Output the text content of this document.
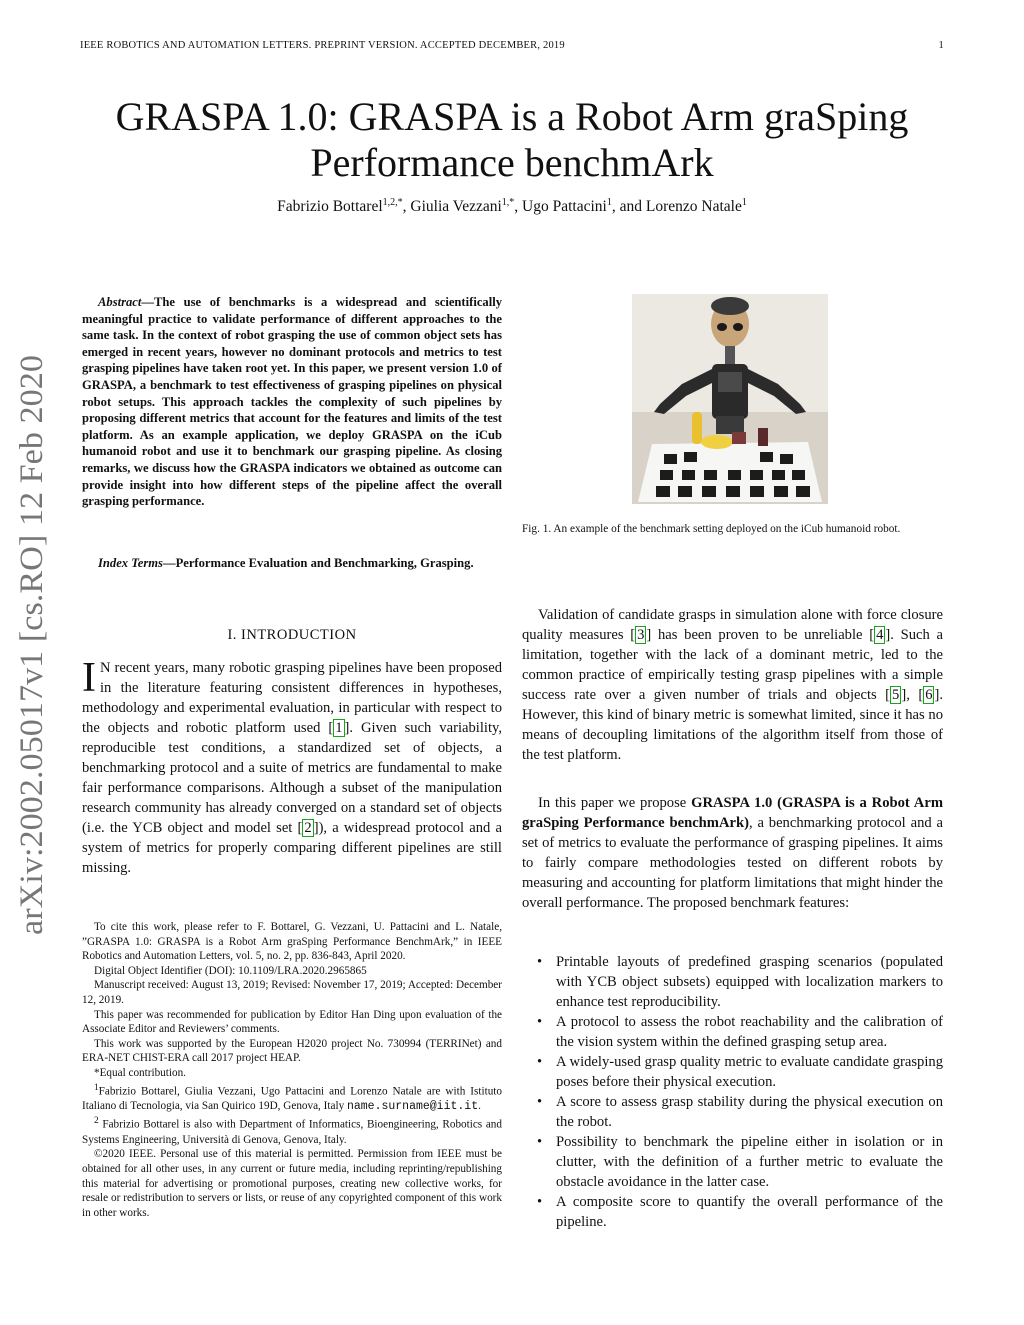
IEEE ROBOTICS AND AUTOMATION LETTERS. PREPRINT VERSION. ACCEPTED DECEMBER, 2019	1
GRASPA 1.0: GRASPA is a Robot Arm graSping
Performance benchmArk
Fabrizio Bottarel$^{1,2,*}$, Giulia Vezzani$^{1,*}$, Ugo Pattacini$^1$, and Lorenzo Natale$^1$
arXiv:2002.05017v1 [cs.RO] 12 Feb 2020
Abstract—The use of benchmarks is a widespread and scientifically meaningful practice to validate performance of different approaches to the same task. In the context of robot grasping the use of common object sets has emerged in recent years, however no dominant protocols and metrics to test grasping pipelines have taken root yet. In this paper, we present version 1.0 of GRASPA, a benchmark to test effectiveness of grasping pipelines on physical robot setups. This approach tackles the complexity of such pipelines by proposing different metrics that account for the features and limits of the test platform. As an example application, we deploy GRASPA on the iCub humanoid robot and use it to benchmark our grasping pipeline. As closing remarks, we discuss how the GRASPA indicators we obtained as outcome can provide insight into how different steps of the pipeline affect the overall grasping performance.
Index Terms—Performance Evaluation and Benchmarking, Grasping.
I. INTRODUCTION
I N recent years, many robotic grasping pipelines have been proposed in the literature featuring consistent differences in hypotheses, methodology and experimental evaluation, in particular with respect to the objects and robotic platform used [ 1 ]. Given such variability, reproducible test conditions, a standardized set of objects, a benchmarking protocol and a suite of metrics are fundamental to make fair performance comparisons. Although a subset of the manipulation research community has already converged on a standard set of objects (i.e. the YCB object and model set [ 2 ]), a widespread protocol and a system of metrics for properly comparing different pipelines are still missing.

To cite this work, please refer to F. Bottarel, G. Vezzani, U. Pattacini and L. Natale, ”GRASPA 1.0: GRASPA is a Robot Arm graSping Performance BenchmArk,” in IEEE Robotics and Automation Letters, vol. 5, no. 2, pp. 836-843, April 2020.

Digital Object Identifier (DOI): 10.1109/LRA.2020.2965865

Manuscript received: August 13, 2019; Revised: November 17, 2019; Accepted: December 12, 2019.

This paper was recommended for publication by Editor Han Ding upon evaluation of the Associate Editor and Reviewers’ comments.

This work was supported by the European H2020 project No. 730994 (TERRINet) and ERA-NET CHIST-ERA call 2017 project HEAP.

*Equal contribution.

$^1$Fabrizio Bottarel, Giulia Vezzani, Ugo Pattacini and Lorenzo Natale are with Istituto Italiano di Tecnologia, via San Quirico 19D, Genova, Italy name.surname@iit.it.

$^2$ Fabrizio Bottarel is also with Department of Informatics, Bioengineering, Robotics and Systems Engineering, Università di Genova, Genova, Italy.

©2020 IEEE. Personal use of this material is permitted. Permission from IEEE must be obtained for all other uses, in any current or future media, including reprinting/republishing this material for advertising or promotional purposes, creating new collective works, for resale or redistribution to servers or lists, or reuse of any copyrighted component of this work in other works.

Fig. 1. An example of the benchmark setting deployed on the iCub humanoid robot.
Validation of candidate grasps in simulation alone with force closure quality measures [ 3 ] has been proven to be unreliable [ 4 ]. Such a limitation, together with the lack of a dominant metric, led to the common practice of empirically testing grasp pipelines with a simple success rate over a given number of trials and objects [ 5 ], [ 6 ]. However, this kind of binary metric is somewhat limited, since it has no means of decoupling limitations of the algorithm itself from those of the test platform.
In this paper we propose GRASPA 1.0 (GRASPA is a Robot Arm graSping Performance benchmArk), a benchmarking protocol and a set of metrics to evaluate the performance of grasping pipelines. It aims to fairly compare methodologies tested on different robots by measuring and accounting for platform limitations that might hinder the overall performance. The proposed benchmark features:
• Printable layouts of predefined grasping scenarios (populated with YCB object subsets) equipped with localization markers to enhance test reproducibility.
• A protocol to assess the robot reachability and the calibration of the vision system within the defined grasping setup area.
• A widely-used grasp quality metric to evaluate candidate grasping poses before their physical execution.
• A score to assess grasp stability during the physical execution on the robot.
• Possibility to benchmark the pipeline either in isolation or in clutter, with the definition of a further metric to evaluate the obstacle avoidance in the latter case.
• A composite score to quantify the overall performance of the pipeline.
